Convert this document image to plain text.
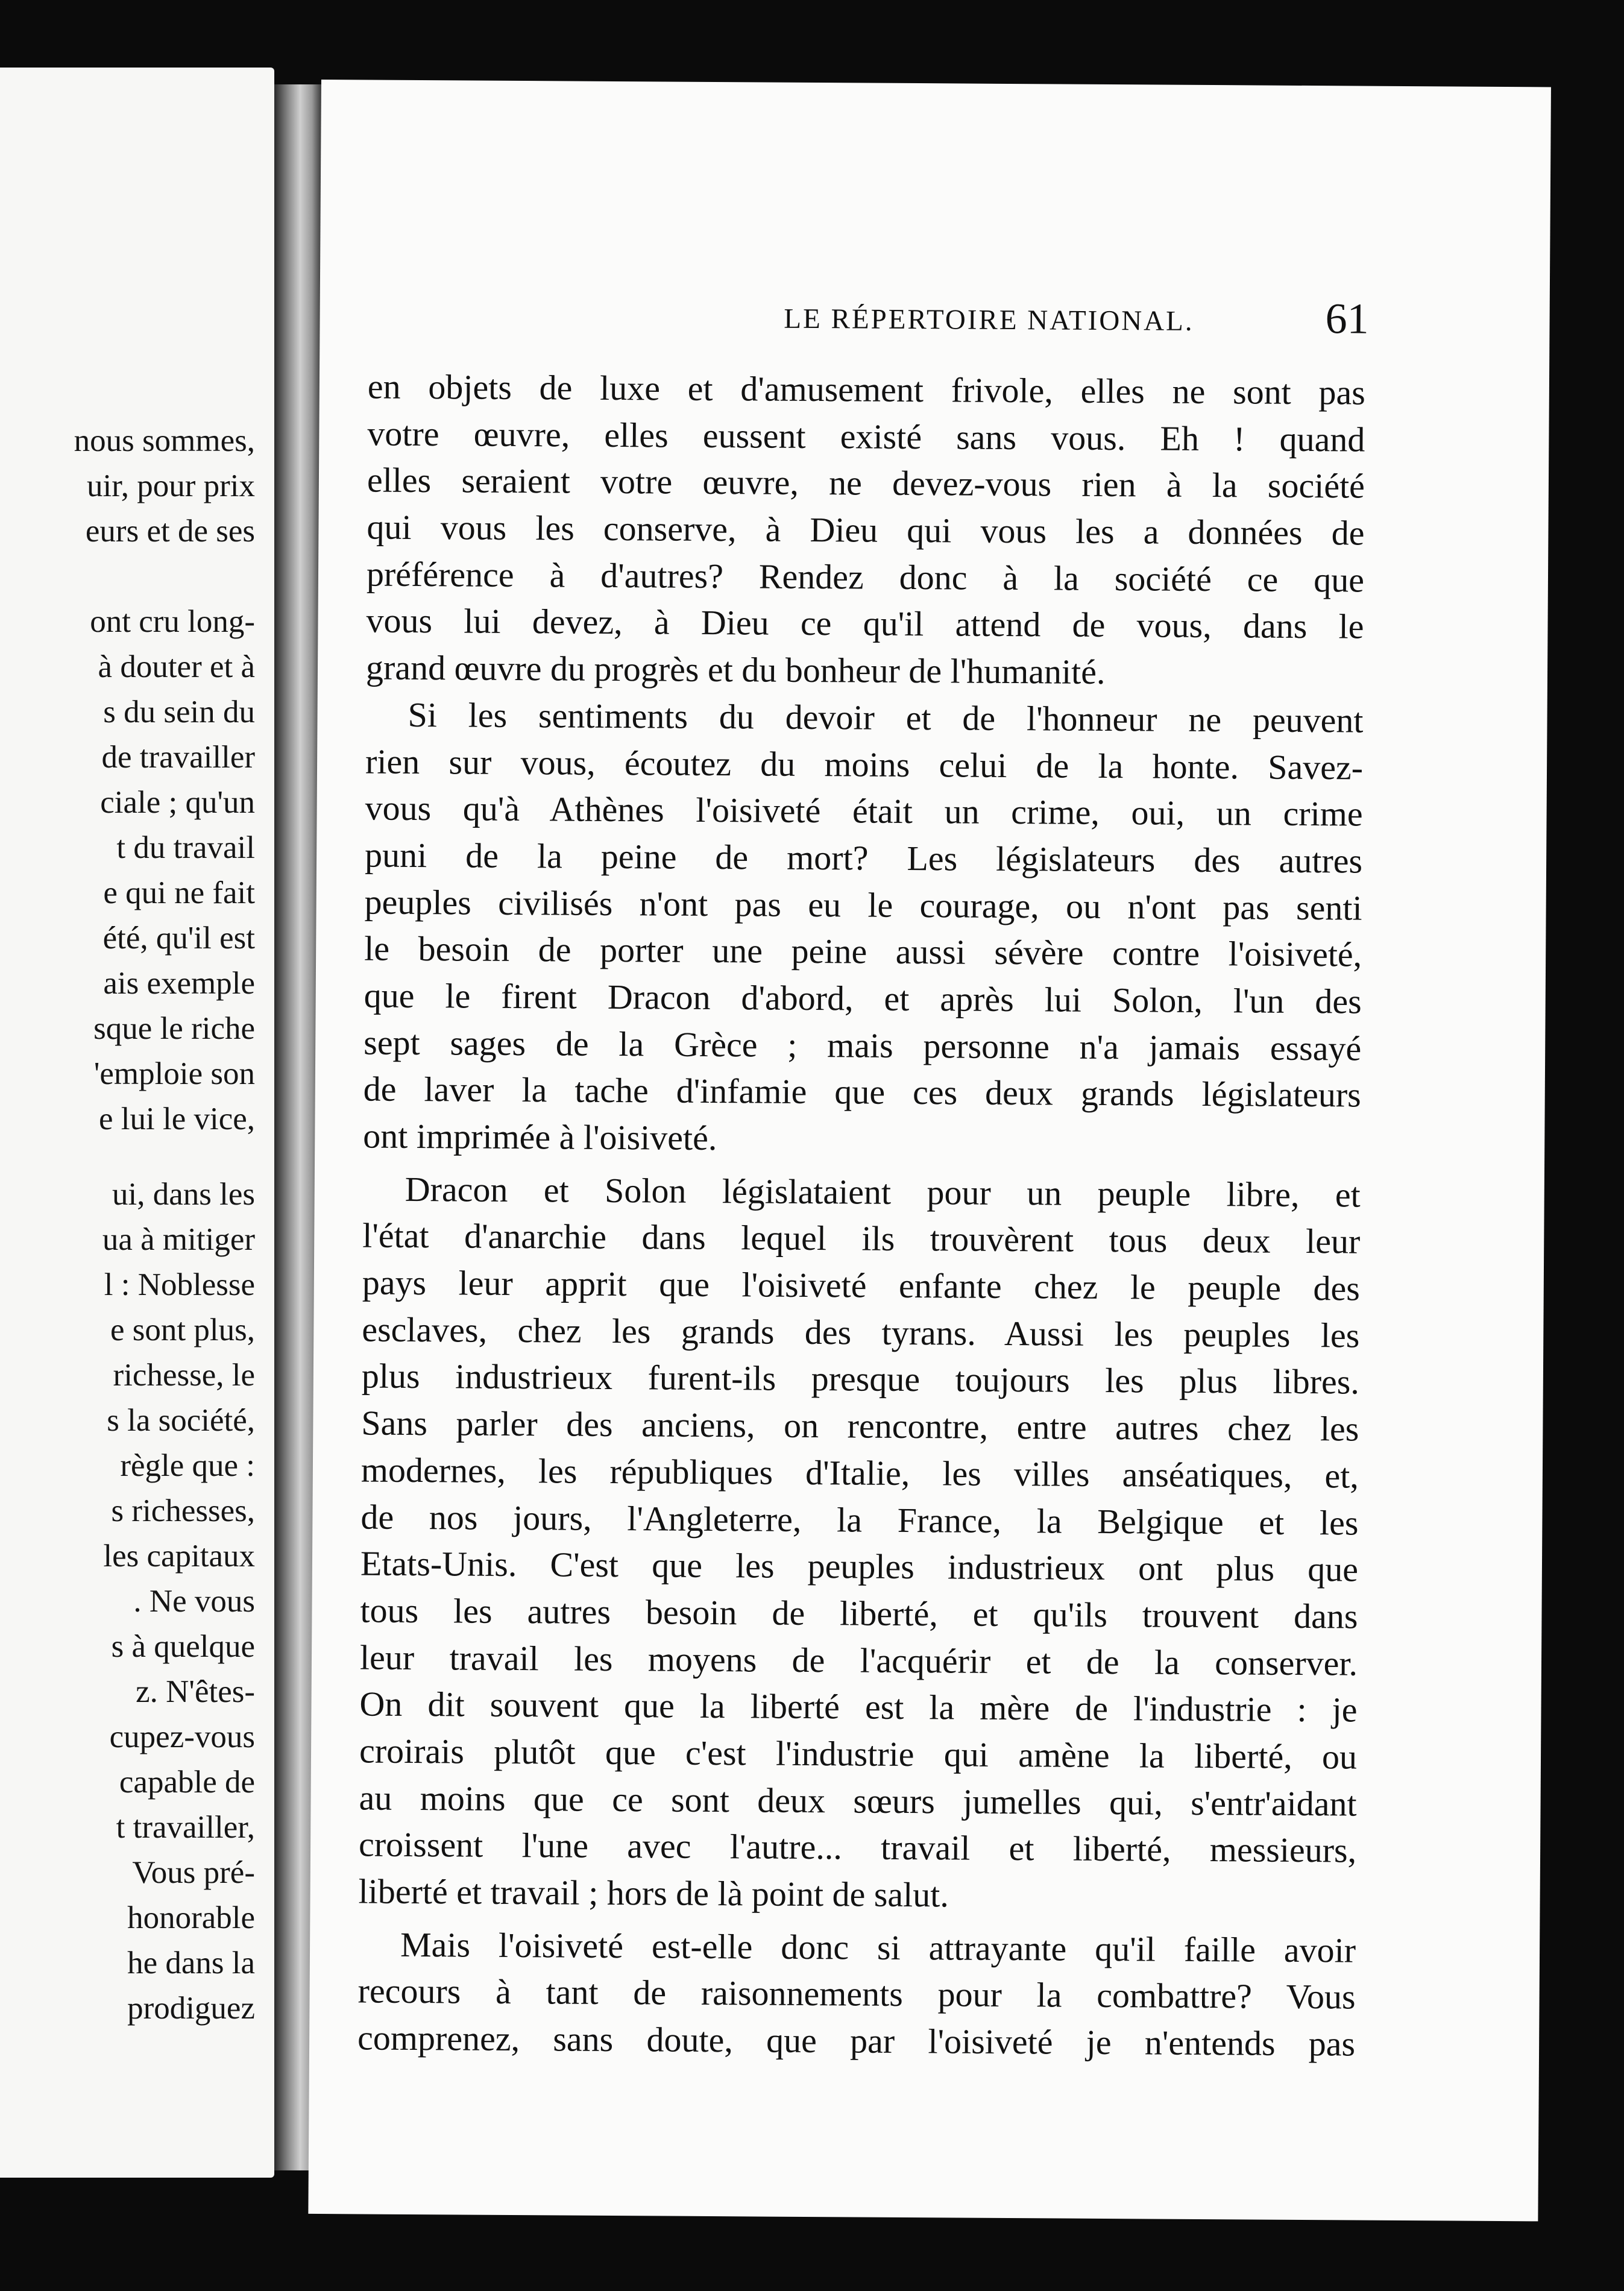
nous sommes,
uir, pour prix
eurs et de ses
ont cru long-
à douter et à
s du sein du
de travailler
ciale ; qu'un
t du travail
e qui ne fait
été, qu'il est
ais exemple
sque le riche
'emploie son
e lui le vice,
ui, dans les
ua à mitiger
l : Noblesse
e sont plus,
richesse, le
s la société,
règle que :
s richesses,
les capitaux
. Ne vous
s à quelque
z. N'êtes-
cupez-vous
capable de
t travailler,
Vous pré-
honorable
he dans la
prodiguez
LE RÉPERTOIRE NATIONAL.	61
en objets de luxe et d'amusement frivole, elles ne sont pas
votre œuvre, elles eussent existé sans vous. Eh ! quand
elles seraient votre œuvre, ne devez-vous rien à la société
qui vous les conserve, à Dieu qui vous les a données de
préférence à d'autres? Rendez donc à la société ce que
vous lui devez, à Dieu ce qu'il attend de vous, dans le
grand œuvre du progrès et du bonheur de l'humanité.
Si les sentiments du devoir et de l'honneur ne peuvent
rien sur vous, écoutez du moins celui de la honte. Savez-
vous qu'à Athènes l'oisiveté était un crime, oui, un crime
puni de la peine de mort? Les législateurs des autres
peuples civilisés n'ont pas eu le courage, ou n'ont pas senti
le besoin de porter une peine aussi sévère contre l'oisiveté,
que le firent Dracon d'abord, et après lui Solon, l'un des
sept sages de la Grèce ; mais personne n'a jamais essayé
de laver la tache d'infamie que ces deux grands législateurs
ont imprimée à l'oisiveté.
Dracon et Solon législataient pour un peuple libre, et
l'état d'anarchie dans lequel ils trouvèrent tous deux leur
pays leur apprit que l'oisiveté enfante chez le peuple des
esclaves, chez les grands des tyrans. Aussi les peuples les
plus industrieux furent-ils presque toujours les plus libres.
Sans parler des anciens, on rencontre, entre autres chez les
modernes, les républiques d'Italie, les villes anséatiques, et,
de nos jours, l'Angleterre, la France, la Belgique et les
Etats-Unis. C'est que les peuples industrieux ont plus que
tous les autres besoin de liberté, et qu'ils trouvent dans
leur travail les moyens de l'acquérir et de la conserver.
On dit souvent que la liberté est la mère de l'industrie : je
croirais plutôt que c'est l'industrie qui amène la liberté, ou
au moins que ce sont deux sœurs jumelles qui, s'entr'aidant
croissent l'une avec l'autre... travail et liberté, messieurs,
liberté et travail ; hors de là point de salut.
Mais l'oisiveté est-elle donc si attrayante qu'il faille avoir
recours à tant de raisonnements pour la combattre? Vous
comprenez, sans doute, que par l'oisiveté je n'entends pas
